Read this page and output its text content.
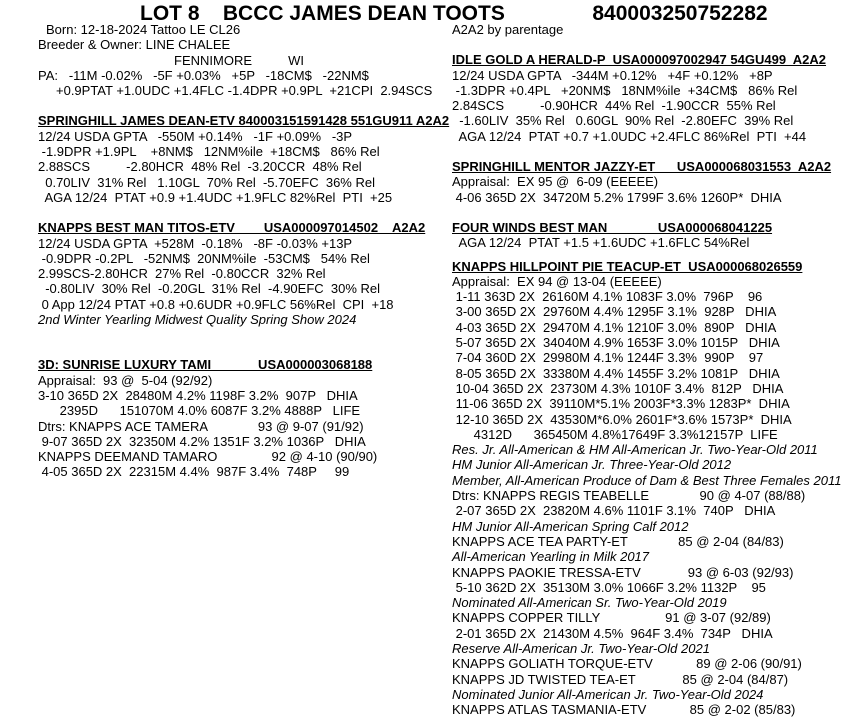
LOT 8 BCCC JAMES DEAN TOOTS	840003250752282
Born: 12-18-2024 Tattoo LE CL26
Breeder & Owner: LINE CHALEE
FENNIMORE          WI
PA:   -11M -0.02%   -5F +0.03%   +5P   -18CM$   -22NM$
+0.9PTAT +1.0UDC +1.4FLC -1.4DPR +0.9PL  +21CPI  2.94SCS
SPRINGHILL JAMES DEAN-ETV 840003151591428 551GU911 A2A2
12/24 USDA GPTA   -550M +0.14%   -1F +0.09%   -3P
-1.9DPR +1.9PL    +8NM$   12NM%ile  +18CM$   86% Rel
2.88SCS          -2.80HCR  48% Rel  -3.20CCR  48% Rel
0.70LIV  31% Rel   1.10GL  70% Rel  -5.70EFC  36% Rel
AGA 12/24  PTAT +0.9 +1.4UDC +1.9FLC 82%Rel  PTI  +25
KNAPPS BEST MAN TITOS-ETV        USA000097014502    A2A2
12/24 USDA GPTA  +528M  -0.18%   -8F -0.03% +13P
-0.9DPR -0.2PL   -52NM$  20NM%ile  -53CM$   54% Rel
2.99SCS-2.80HCR  27% Rel  -0.80CCR  32% Rel
-0.80LIV  30% Rel  -0.20GL  31% Rel  -4.90EFC  30% Rel
0 App 12/24 PTAT +0.8 +0.6UDR +0.9FLC 56%Rel  CPI  +18
2nd Winter Yearling Midwest Quality Spring Show 2024
3D: SUNRISE LUXURY TAMI             USA000003068188
Appraisal:  93 @  5-04 (92/92)
3-10 365D 2X  28480M 4.2% 1198F 3.2%  907P   DHIA
2395D      151070M 4.0% 6087F 3.2% 4888P   LIFE
Dtrs: KNAPPS ACE TAMERA              93 @ 9-07 (91/92)
9-07 365D 2X  32350M 4.2% 1351F 3.2% 1036P   DHIA
KNAPPS DEEMAND TAMARO               92 @ 4-10 (90/90)
4-05 365D 2X  22315M 4.4%  987F 3.4%  748P     99
A2A2 by parentage
IDLE GOLD A HERALD-P  USA000097002947 54GU499  A2A2
12/24 USDA GPTA   -344M +0.12%   +4F +0.12%   +8P
-1.3DPR +0.4PL   +20NM$   18NM%ile  +34CM$   86% Rel
2.84SCS          -0.90HCR  44% Rel  -1.90CCR  55% Rel
-1.60LIV  35% Rel   0.60GL  90% Rel  -2.80EFC  39% Rel
AGA 12/24  PTAT +0.7 +1.0UDC +2.4FLC 86%Rel  PTI  +44
SPRINGHILL MENTOR JAZZY-ET      USA000068031553  A2A2
Appraisal:  EX 95 @  6-09 (EEEEE)
4-06 365D 2X  34720M 5.2% 1799F 3.6% 1260P*  DHIA
FOUR WINDS BEST MAN              USA000068041225
AGA 12/24  PTAT +1.5 +1.6UDC +1.6FLC 54%Rel
KNAPPS HILLPOINT PIE TEACUP-ET  USA000068026559
Appraisal:  EX 94 @ 13-04 (EEEEE)
1-11 363D 2X  26160M 4.1% 1083F 3.0%  796P    96
3-00 365D 2X  29760M 4.4% 1295F 3.1%  928P   DHIA
4-03 365D 2X  29470M 4.1% 1210F 3.0%  890P   DHIA
5-07 365D 2X  34040M 4.9% 1653F 3.0% 1015P   DHIA
7-04 360D 2X  29980M 4.1% 1244F 3.3%  990P    97
8-05 365D 2X  33380M 4.4% 1455F 3.2% 1081P   DHIA
10-04 365D 2X  23730M 4.3% 1010F 3.4%  812P   DHIA
11-06 365D 2X  39110M*5.1% 2003F*3.3% 1283P*  DHIA
12-10 365D 2X  43530M*6.0% 2601F*3.6% 1573P*  DHIA
4312D      365450M 4.8%17649F 3.3%12157P  LIFE
Res. Jr. All-American & HM All-American Jr. Two-Year-Old 2011
HM Junior All-American Jr. Three-Year-Old 2012
Member, All-American Produce of Dam & Best Three Females 2011
Dtrs: KNAPPS REGIS TEABELLE              90 @ 4-07 (88/88)
2-07 365D 2X  23820M 4.6% 1101F 3.1%  740P   DHIA
HM Junior All-American Spring Calf 2012
KNAPPS ACE TEA PARTY-ET              85 @ 2-04 (84/83)
All-American Yearling in Milk 2017
KNAPPS PAOKIE TRESSA-ETV             93 @ 6-03 (92/93)
5-10 362D 2X  35130M 3.0% 1066F 3.2% 1132P    95
Nominated All-American Sr. Two-Year-Old 2019
KNAPPS COPPER TILLY                  91 @ 3-07 (92/89)
2-01 365D 2X  21430M 4.5%  964F 3.4%  734P   DHIA
Reserve All-American Jr. Two-Year-Old 2021
KNAPPS GOLIATH TORQUE-ETV            89 @ 2-06 (90/91)
KNAPPS JD TWISTED TEA-ET             85 @ 2-04 (84/87)
Nominated Junior All-American Jr. Two-Year-Old 2024
KNAPPS ATLAS TASMANIA-ETV            85 @ 2-02 (85/83)
